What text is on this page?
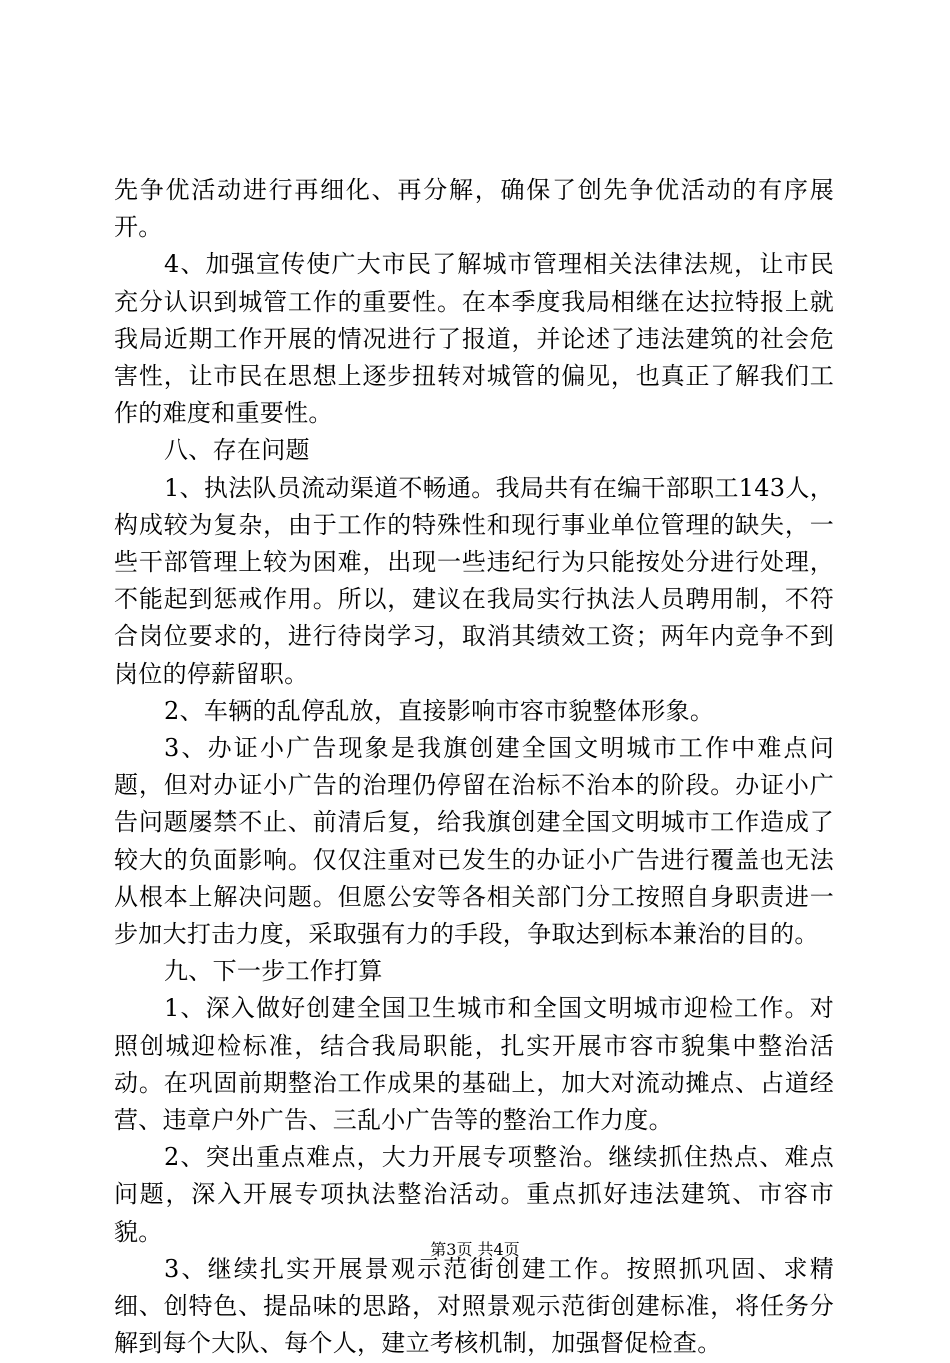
先争优活动进行再细化、再分解，确保了创先争优活动的有序展开。

4、加强宣传使广大市民了解城市管理相关法律法规，让市民充分认识到城管工作的重要性。在本季度我局相继在达拉特报上就我局近期工作开展的情况进行了报道，并论述了违法建筑的社会危害性，让市民在思想上逐步扭转对城管的偏见，也真正了解我们工作的难度和重要性。

八、存在问题

1、执法队员流动渠道不畅通。我局共有在编干部职工143人，构成较为复杂，由于工作的特殊性和现行事业单位管理的缺失，一些干部管理上较为困难，出现一些违纪行为只能按处分进行处理，不能起到惩戒作用。所以，建议在我局实行执法人员聘用制，不符合岗位要求的，进行待岗学习，取消其绩效工资；两年内竞争不到岗位的停薪留职。

2、车辆的乱停乱放，直接影响市容市貌整体形象。

3、办证小广告现象是我旗创建全国文明城市工作中难点问题，但对办证小广告的治理仍停留在治标不治本的阶段。办证小广告问题屡禁不止、前清后复，给我旗创建全国文明城市工作造成了较大的负面影响。仅仅注重对已发生的办证小广告进行覆盖也无法从根本上解决问题。但愿公安等各相关部门分工按照自身职责进一步加大打击力度，采取强有力的手段，争取达到标本兼治的目的。

九、下一步工作打算

1、深入做好创建全国卫生城市和全国文明城市迎检工作。对照创城迎检标准，结合我局职能，扎实开展市容市貌集中整治活动。在巩固前期整治工作成果的基础上，加大对流动摊点、占道经营、违章户外广告、三乱小广告等的整治工作力度。

2、突出重点难点，大力开展专项整治。继续抓住热点、难点问题，深入开展专项执法整治活动。重点抓好违法建筑、市容市貌。

3、继续扎实开展景观示范街创建工作。按照抓巩固、求精细、创特色、提品味的思路，对照景观示范街创建标准，将任务分解到每个大队、每个人，建立考核机制，加强督促检查。

第3页 共4页
